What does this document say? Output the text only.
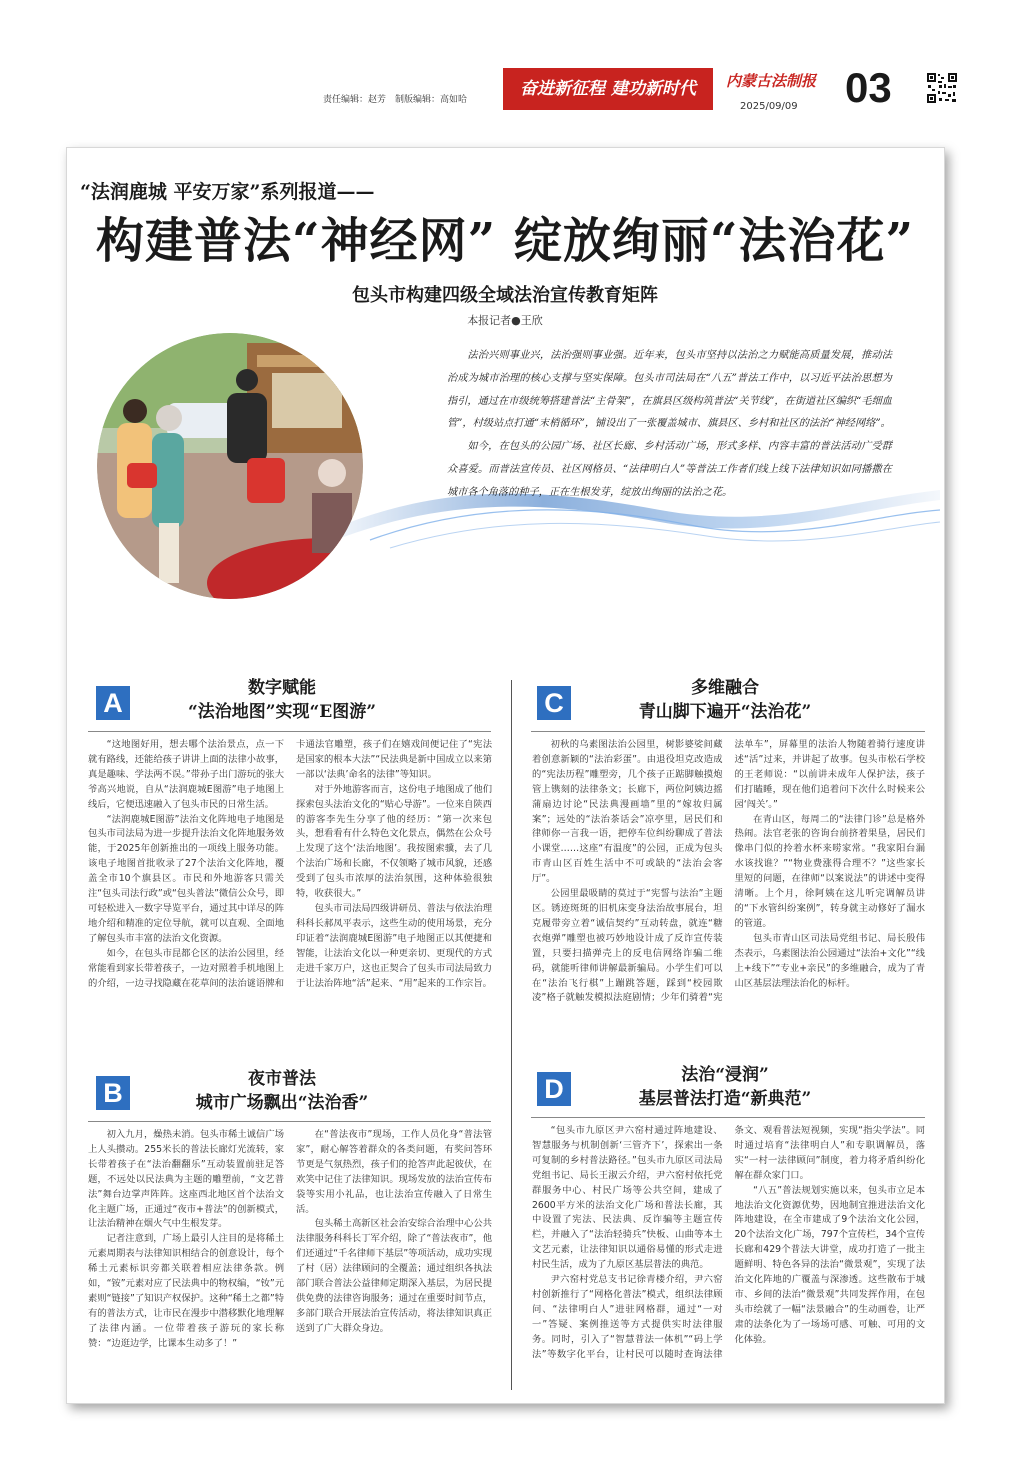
责任编辑：赵芳　制版编辑：高如哈
奋进新征程 建功新时代	内蒙古法制报
2025/09/09 03
“法润鹿城 平安万家”系列报道——
构建普法“神经网” 绽放绚丽“法治花”
包头市构建四级全域法治宣传教育矩阵
本报记者●王欣

法治兴则事业兴，法治强则事业强。近年来，包头市坚持以法治之力赋能高质量发展，推动法治成为城市治理的核心支撑与坚实保障。包头市司法局在“八五”普法工作中，以习近平法治思想为指引，通过在市级统筹搭建普法“主骨架”，在旗县区级构筑普法“关节线”，在街道社区编织“毛细血管”，村级站点打通“末梢循环”，铺设出了一张覆盖城市、旗县区、乡村和社区的法治“神经网络”。

如今，在包头的公园广场、社区长廊、乡村活动广场，形式多样、内容丰富的普法活动广受群众喜爱。而普法宣传员、社区网格员、“法律明白人”等普法工作者们线上线下法律知识如同播撒在城市各个角落的种子，正在生根发芽，绽放出绚丽的法治之花。

A	数字赋能
“法治地图”实现“E图游”

“这地图好用，想去哪个法治景点，点一下就有路线，还能给孩子讲讲上面的法律小故事，真是趣味、学法两不误。”带孙子出门游玩的张大爷高兴地说，自从“法润鹿城E图游”电子地图上线后，它便迅速融入了包头市民的日常生活。

“法润鹿城E图游”法治文化阵地电子地图是包头市司法局为进一步提升法治文化阵地服务效能，于2025年创新推出的一项线上服务功能。该电子地图首批收录了27个法治文化阵地，覆盖全市10个旗县区。市民和外地游客只需关注“包头司法行政”或“包头普法”微信公众号，即可轻松进入一数字导览平台，通过其中详尽的阵地介绍和精准的定位导航，就可以直观、全面地了解包头市丰富的法治文化资源。

如今，在包头市昆都仑区的法治公园里，经常能看到家长带着孩子，一边对照着手机地图上的介绍，一边寻找隐藏在花草间的法治谜语牌和卡通法官雕塑，孩子们在嬉戏间便记住了“宪法是国家的根本大法”“民法典是新中国成立以来第一部以‘法典’命名的法律”等知识。

对于外地游客而言，这份电子地图成了他们探索包头法治文化的“贴心导游”。一位来自陕西的游客李先生分享了他的经历：“第一次来包头，想看看有什么特色文化景点，偶然在公众号上发现了这个‘法治地图’。我按图索骥，去了几个法治广场和长廊，不仅领略了城市风貌，还感受到了包头市浓厚的法治氛围，这种体验很独特，收获很大。”

包头市司法局四级讲研员、普法与依法治理科科长郝凤平表示，这些生动的使用场景，充分印证着“法润鹿城E图游”电子地图正以其便捷和智能，让法治文化以一种更亲切、更现代的方式走进千家万户，这也正契合了包头市司法局致力于让法治阵地“活”起来、“用”起来的工作宗旨。

C	多维融合
青山脚下遍开“法治花”

初秋的乌素图法治公园里，树影婆娑间藏着创意新颖的“法治彩蛋”。由退役坦克改造成的“宪法历程”雕塑旁，几个孩子正踮脚触摸炮管上镌刻的法律条文；长廊下，两位阿姨边摇蒲扇边讨论“民法典漫画墙”里的“嫁妆归属案”；远处的“法治茶话会”凉亭里，居民们和律师你一言我一语，把停车位纠纷聊成了普法小课堂……这座“有温度”的公园，正成为包头市青山区百姓生活中不可或缺的“法治会客厅”。

公园里最吸睛的莫过于“宪誓与法治”主题区。锈迹斑斑的旧机床变身法治故事展台，坦克履带旁立着“诚信契约”互动转盘，就连“糖衣炮弹”雕塑也被巧妙地设计成了反诈宣传装置，只要扫描弹壳上的反电信网络诈骗二维码，就能听律师讲解最新骗局。小学生们可以在“法治飞行棋”上蹦跳答题，踩到“校园欺凌”格子就触发模拟法庭剧情；少年们骑着“宪法单车”，屏幕里的法治人物随着骑行速度讲述“活”过来，并讲起了故事。包头市松石学校的王老师说：“以前讲未成年人保护法，孩子们打瞌睡，现在他们追着问下次什么时候来公园‘闯关’。”

在青山区，每周二的“法律门诊”总是格外热闹。法官老张的咨询台前挤着果垦，居民们像串门似的拎着水杯来唠家常。“我家阳台漏水该找谁？”“物业费涨得合理不？”这些家长里短的问题，在律师“以案说法”的讲述中变得清晰。上个月，徐阿姨在这儿听完调解员讲的“下水管纠纷案例”，转身就主动修好了漏水的管道。

包头市青山区司法局党组书记、局长殷伟杰表示，乌素图法治公园通过“法治+文化”“线上+线下”“专业+亲民”的多维融合，成为了青山区基层法理法治化的标杆。

B	夜市普法
城市广场飘出“法治香”

初入九月，燥热未消。包头市稀土诚信广场上人头攒动。255米长的普法长廊灯光流转，家长带着孩子在“法治翻翻乐”互动装置前驻足答题，不远处以民法典为主题的雕塑前，“文艺普法”舞台边掌声阵阵。这座西北地区首个法治文化主题广场，正通过“夜市+普法”的创新模式，让法治精神在烟火气中生根发芽。

记者注意到，广场上最引人注目的是将稀土元素周期表与法律知识相结合的创意设计，每个稀土元素标识旁都关联着相应法律条款。例如，“铵”元素对应了民法典中的物权编，“钕”元素则“链接”了知识产权保护。这种“稀土之都”特有的普法方式，让市民在漫步中潜移默化地理解了法律内涵。一位带着孩子游玩的家长称赞：“边逛边学，比课本生动多了！”

在“普法夜市”现场，工作人员化身“普法管家”，耐心解答着群众的各类问题，有奖问答环节更是气氛热烈，孩子们的抢答声此起彼伏，在欢笑中记住了法律知识。现场发放的法治宣传布袋等实用小礼品，也让法治宣传融入了日常生活。

包头稀土高新区社会治安综合治理中心公共法律服务科科长丁军介绍，除了“普法夜市”，他们还通过“千名律师下基层”等项活动，成功实现了村（居）法律顾问的全覆盖；通过组织各执法部门联合普法公益律师定期深入基层，为居民提供免费的法律咨询服务；通过在重要时间节点，多部门联合开展法治宣传活动，将法律知识真正送到了广大群众身边。

D	法治“浸润”
基层普法打造“新典范”

“包头市九原区尹六窑村通过阵地建设、智慧服务与机制创新‘三管齐下’，探索出一条可复制的乡村普法路径。”包头市九原区司法局党组书记、局长王淑云介绍，尹六窑村依托党群服务中心、村民广场等公共空间，建成了2600平方米的法治文化广场和普法长廊，其中设置了宪法、民法典、反诈骗等主题宣传栏，并融入了“法治轻骑兵”快板、山曲等本土文艺元素，让法律知识以通俗易懂的形式走进村民生活，成为了九原区基层普法的典范。

尹六窑村党总支书记徐青楼介绍，尹六窑村创新推行了“网格化普法”模式，组织法律顾问、“法律明白人”进驻网格群，通过“一对一”答疑、案例推送等方式提供实时法律服务。同时，引入了“智慧普法一体机”“码上学法”等数字化平台，让村民可以随时查询法律条文、观看普法短视频，实现“指尖学法”。同时通过培育“法律明白人”和专职调解员，落实“一村一法律顾问”制度，着力将矛盾纠纷化解在群众家门口。

“八五”普法规划实施以来，包头市立足本地法治文化资源优势，因地制宜推进法治文化阵地建设，在全市建成了9个法治文化公园，20个法治文化广场，797个宣传栏，34个宣传长廊和429个普法大讲堂，成功打造了一批主题鲜明、特色各异的法治“微景观”，实现了法治文化阵地的广覆盖与深渗透。这些散布于城市、乡间的法治“微景观”共同发挥作用，在包头市绘就了一幅“法景融合”的生动画卷，让严肃的法条化为了一场场可感、可触、可用的文化体验。
